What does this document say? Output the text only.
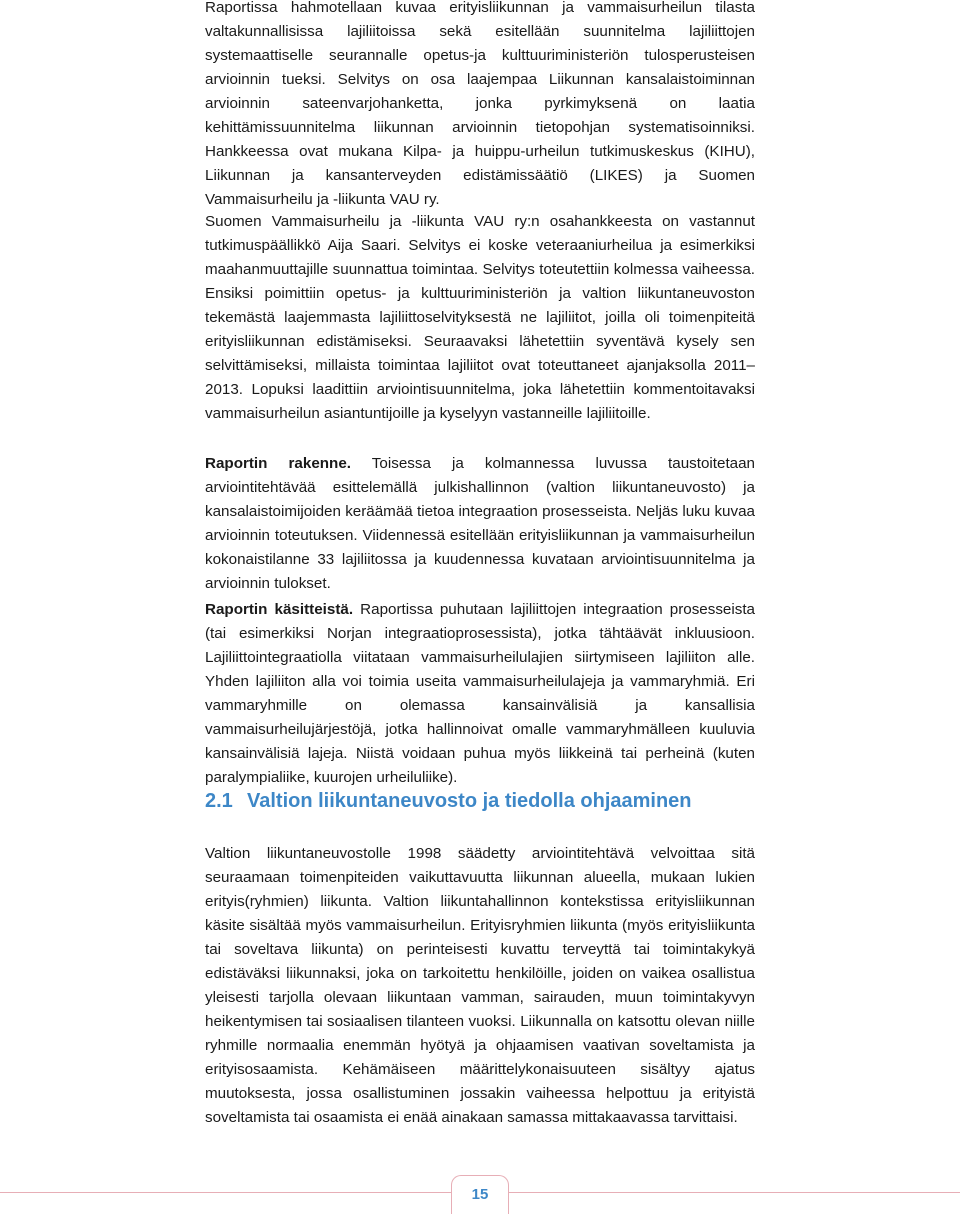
Raportissa hahmotellaan kuvaa erityisliikunnan ja vammaisurheilun tilasta valtakunnallisissa lajiliitoissa sekä esitellään suunnitelma lajiliittojen systemaattiselle seurannalle opetus-ja kulttuuriministeriön tulosperusteisen arvioinnin tueksi. Selvitys on osa laajempaa Liikunnan kansalaistoiminnan arvioinnin sateenvarjohanketta, jonka pyrkimyksenä on laatia kehittämissuunnitelma liikunnan arvioinnin tietopohjan systematisoinniksi. Hankkeessa ovat mukana Kilpa- ja huippu-urheilun tutkimuskeskus (KIHU), Liikunnan ja kansanterveyden edistämissäätiö (LIKES) ja Suomen Vammaisurheilu ja -liikunta VAU ry.

Suomen Vammaisurheilu ja -liikunta VAU ry:n osahankkeesta on vastannut tutkimuspäällikkö Aija Saari. Selvitys ei koske veteraaniurheilua ja esimerkiksi maahanmuuttajille suunnattua toimintaa. Selvitys toteutettiin kolmessa vaiheessa. Ensiksi poimittiin opetus- ja kulttuuriministeriön ja valtion liikuntaneuvoston tekemästä laajemmasta lajiliittoselvityksestä ne lajiliitot, joilla oli toimenpiteitä erityisliikunnan edistämiseksi. Seuraavaksi lähetettiin syventävä kysely sen selvittämiseksi, millaista toimintaa lajiliitot ovat toteuttaneet ajanjaksolla 2011–2013. Lopuksi laadittiin arviointisuunnitelma, joka lähetettiin kommentoitavaksi vammaisurheilun asiantuntijoille ja kyselyyn vastanneille lajiliitoille.

Raportin rakenne. Toisessa ja kolmannessa luvussa taustoitetaan arviointitehtävää esittelemällä julkishallinnon (valtion liikuntaneuvosto) ja kansalaistoimijoiden keräämää tietoa integraation prosesseista. Neljäs luku kuvaa arvioinnin toteutuksen. Viidennessä esitellään erityisliikunnan ja vammaisurheilun kokonaistilanne 33 lajiliitossa ja kuudennessa kuvataan arviointisuunnitelma ja arvioinnin tulokset.

Raportin käsitteistä. Raportissa puhutaan lajiliittojen integraation prosesseista (tai esimerkiksi Norjan integraatioprosessista), jotka tähtäävät inkluusioon. Lajiliittointegraatiolla viitataan vammaisurheilulajien siirtymiseen lajiliiton alle. Yhden lajiliiton alla voi toimia useita vammaisurheilulajeja ja vammaryhmiä. Eri vammaryhmille on olemassa kansainvälisiä ja kansallisia vammaisurheilujärjestöjä, jotka hallinnoivat omalle vammaryhmälleen kuuluvia kansainvälisiä lajeja. Niistä voidaan puhua myös liikkeinä tai perheinä (kuten paralympialiike, kuurojen urheiluliike).

2.1 Valtion liikuntaneuvosto ja tiedolla ohjaaminen

Valtion liikuntaneuvostolle 1998 säädetty arviointitehtävä velvoittaa sitä seuraamaan toimenpiteiden vaikuttavuutta liikunnan alueella, mukaan lukien erityis(ryhmien) liikunta. Valtion liikuntahallinnon kontekstissa erityisliikunnan käsite sisältää myös vammaisurheilun. Erityisryhmien liikunta (myös erityisliikunta tai soveltava liikunta) on perinteisesti kuvattu terveyttä tai toimintakykyä edistäväksi liikunnaksi, joka on tarkoitettu henkilöille, joiden on vaikea osallistua yleisesti tarjolla olevaan liikuntaan vamman, sairauden, muun toimintakyvyn heikentymisen tai sosiaalisen tilanteen vuoksi. Liikunnalla on katsottu olevan niille ryhmille normaalia enemmän hyötyä ja ohjaamisen vaativan soveltamista ja erityisosaamista. Kehämäiseen määrittelykonaisuuteen sisältyy ajatus muutoksesta, jossa osallistuminen jossakin vaiheessa helpottuu ja erityistä soveltamista tai osaamista ei enää ainakaan samassa mittakaavassa tarvittaisi.

15
